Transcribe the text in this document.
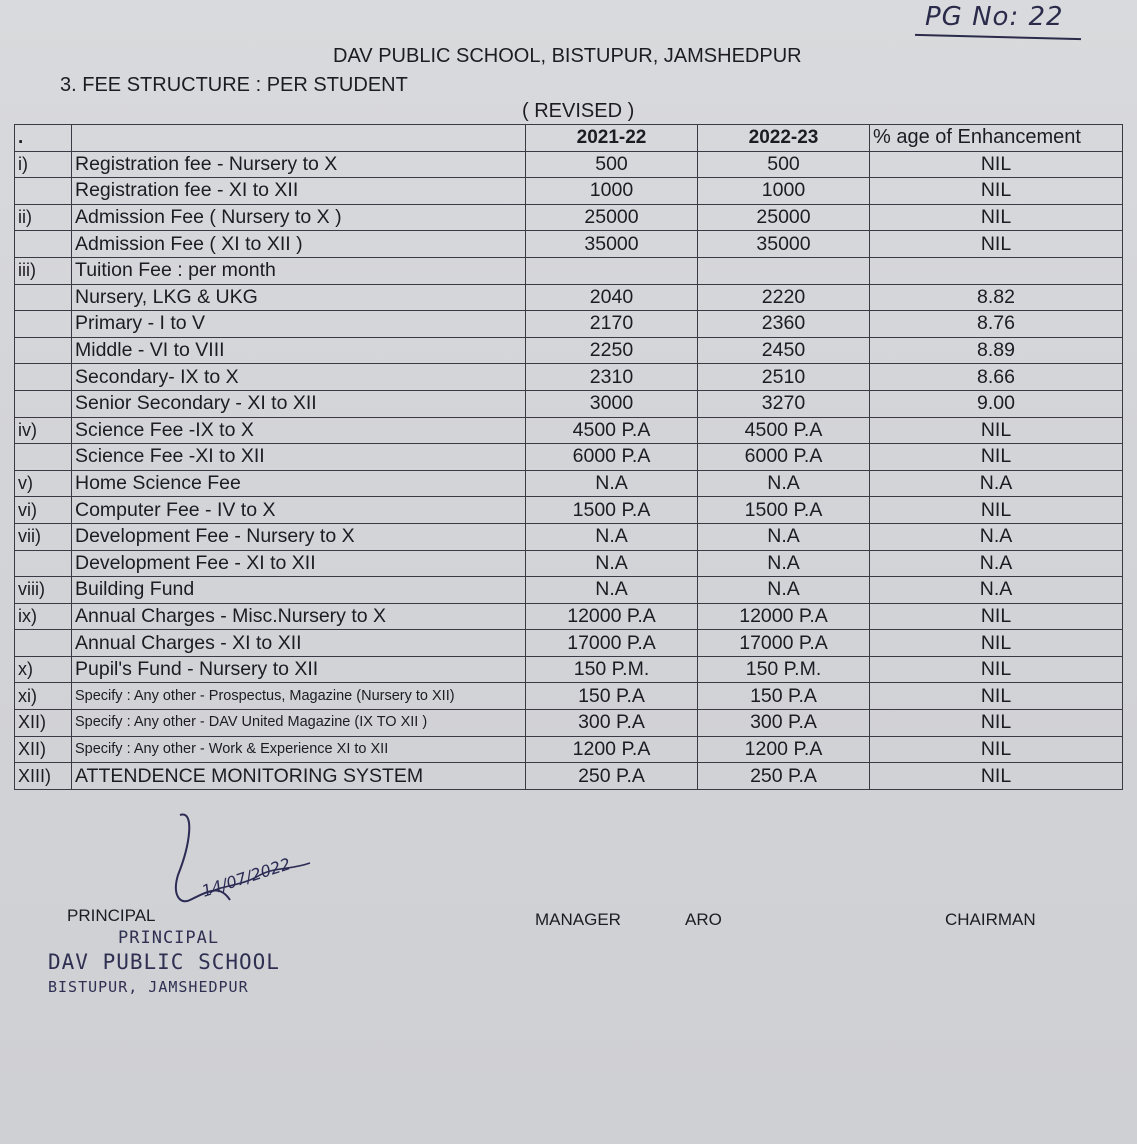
PG No: 22
DAV PUBLIC SCHOOL, BISTUPUR, JAMSHEDPUR
3. FEE STRUCTURE : PER STUDENT
( REVISED )
.		2021-22	2022-23	% age of Enhancement
i)	Registration fee - Nursery to X	500	500	NIL
	Registration fee - XI to XII	1000	1000	NIL
ii)	Admission Fee ( Nursery to X )	25000	25000	NIL
	Admission Fee ( XI to XII )	35000	35000	NIL
iii)	Tuition Fee : per month			
	Nursery, LKG & UKG	2040	2220	8.82
	Primary - I to V	2170	2360	8.76
	Middle - VI to VIII	2250	2450	8.89
	Secondary- IX to X	2310	2510	8.66
	Senior Secondary - XI to XII	3000	3270	9.00
iv)	Science Fee -IX to X	4500 P.A	4500 P.A	NIL
	Science Fee -XI to XII	6000 P.A	6000 P.A	NIL
v)	Home Science Fee	N.A	N.A	N.A
vi)	Computer Fee - IV to X	1500 P.A	1500 P.A	NIL
vii)	Development Fee - Nursery to X	N.A	N.A	N.A
	Development Fee - XI to XII	N.A	N.A	N.A
viii)	Building Fund	N.A	N.A	N.A
ix)	Annual Charges - Misc.Nursery to X	12000 P.A	12000 P.A	NIL
	Annual Charges - XI to XII	17000 P.A	17000 P.A	NIL
x)	Pupil's Fund - Nursery to XII	150 P.M.	150 P.M.	NIL
xi)	Specify : Any other - Prospectus, Magazine (Nursery to XII)	150 P.A	150 P.A	NIL
XII)	Specify : Any other - DAV United Magazine (IX TO XII )	300 P.A	300 P.A	NIL
XII)	Specify : Any other - Work & Experience XI to XII	1200 P.A	1200 P.A	NIL
XIII)	ATTENDENCE MONITORING SYSTEM	250 P.A	250 P.A	NIL
PRINCIPAL
14/07/2022
MANAGER	ARO	CHAIRMAN
PRINCIPAL
DAV PUBLIC SCHOOL
BISTUPUR, JAMSHEDPUR
